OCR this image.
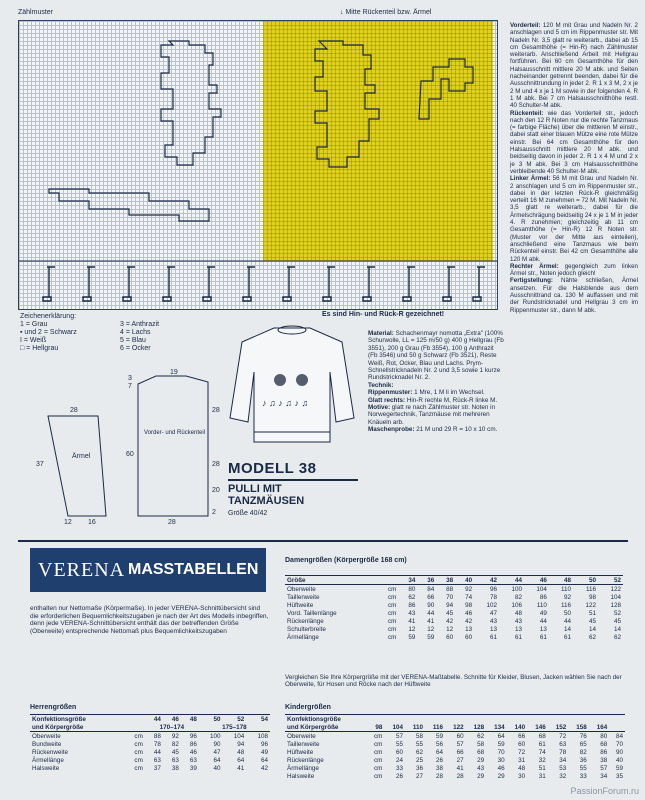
Zählmuster	↓ Mitte Rückenteil bzw. Ärmel
Es sind Hin- und Rück-R gezeichnet!
Zeichenerklärung:
1 = Grau	3 = Anthrazit
▪ und 2 = Schwarz	4 = Lachs
I = Weiß	5 = Blau
□ = Hellgrau	6 = Ocker
Ärmel
Vorder- und Rückenteil
28
37
12 16
3
7
19
28
60
28
20
28
2
♪ ♫ ♪ ♫ ♪ ♫
MODELL 38
PULLI MIT TANZMÄUSEN
Größe 40/42
Material: Schachenmayr nomotta „Extra" (100% Schurwolle, LL = 125 m/50 g) 400 g Hellgrau (Fb 3551), 200 g Grau (Fb 3554), 100 g Anthrazit (Fb 3546) und 50 g Schwarz (Fb 3521), Reste Weiß, Rot, Ocker, Blau und Lachs. Prym-Schnellstricknadeln Nr. 2 und 3,5 sowie 1 kurze Rundstricknadel Nr. 2.
Technik:
Rippenmuster: 1 Mre, 1 M li im Wechsel.
Glatt rechts: Hin-R rechte M, Rück-R linke M.
Motive: glatt re nach Zählmuster str. Noten in Norwegertechnik, Tanzmäuse mit mehreren Knäueln arb.
Maschenprobe: 21 M und 29 R = 10 x 10 cm.
Vorderteil: 120 M mit Grau und Nadeln Nr. 2 anschlagen und 5 cm im Rippenmuster str. Mit Nadeln Nr. 3,5 glatt re weiterarb., dabei ab 15 cm Gesamthöhe (= Hin-R) nach Zählmuster weiterarb. Anschließend Arbeit mit Hellgrau fortführen. Bei 60 cm Gesamthöhe für den Halsausschnitt mittlere 20 M abk. und Seiten nacheinander getrennt beenden, dabei für die Ausschnittrundung in jeder 2. R 1 x 3 M, 2 x je 2 M und 4 x je 1 M sowie in der folgenden 4. R 1 M abk. Bei 7 cm Halsausschnitthöhe restl. 40 Schulter-M abk.
Rückenteil: wie das Vorderteil str., jedoch nach den 12 R Noten nur die rechte Tanzmaus (= farbige Fläche) über die mittleren M einstr., dabei statt einer blauen Mütze eine rote Mütze einstr. Bei 64 cm Gesamthöhe für den Halsausschnitt mittlere 20 M abk. und beidseitig davon in jeder 2. R 1 x 4 M und 2 x je 3 M abk. Bei 3 cm Halsausschnitthöhe verbleibende 40 Schulter-M abk.
Linker Ärmel: 56 M mit Grau und Nadeln Nr. 2 anschlagen und 5 cm im Rippenmuster str., dabei in der letzten Rück-R gleichmäßig verteilt 16 M zunehmen = 72 M. Mit Nadeln Nr. 3,5 glatt re weiterarb., dabei für die Ärmelschrägung beidseitig 24 x je 1 M in jeder 4. R zunehmen; gleichzeitig ab 11 cm Gesamthöhe (= Hin-R) 12 R Noten str. (Muster vor der Mitte aus einteilen), anschließend eine Tanzmaus wie beim Rückenteil einstr. Bei 42 cm Gesamthöhe alle 120 M abk.
Rechter Ärmel: gegengleich zum linken Ärmel str., Noten jedoch gleich!
Fertigstellung: Nähte schließen, Ärmel ansetzen. Für die Halsblende aus dem Ausschnittrand ca. 130 M auffassen und mit der Rundstricknadel und Hellgrau 3 cm im Rippenmuster str., dann M abk.
VERENA MASSTABELLEN
enthalten nur Nettomaße (Körpermaße). In jeder VERENA-Schnittübersicht sind die erforderlichen Bequemlichkeitszugaben je nach der Art des Modells inbegriffen, denn jede VERENA-Schnittübersicht enthält das der betreffenden Größe (Oberweite) entsprechende Nettomaß plus Bequemlichkeitszugaben
Damengrößen (Körpergröße 168 cm)
Größe		34	36	38	40	42	44	46	48	50	52
Oberweite	cm	80	84	88	92	96	100	104	110	116	122
Taillenweite	cm	62	66	70	74	78	82	86	92	98	104
Hüftweite	cm	86	90	94	98	102	106	110	116	122	128
Vord. Taillenlänge	cm	43	44	45	46	47	48	49	50	51	52
Rückenlänge	cm	41	41	42	42	43	43	44	44	45	45
Schulterbreite	cm	12	12	12	13	13	13	13	14	14	14
Ärmellänge	cm	59	59	60	60	61	61	61	61	62	62
Vergleichen Sie Ihre Körpergröße mit der VERENA-Maßtabelle. Schnitte für Kleider, Blusen, Jacken wählen Sie nach der Oberweite, für Hosen und Röcke nach der Hüftweite
Herrengrößen
Konfektionsgröße		44	46	48	50	52	54
und Körpergröße		170–174			175–178		
Oberweite	cm	88	92	96	100	104	108
Bundweite	cm	78	82	86	90	94	96
Rückenweite	cm	44	45	46	47	48	49
Ärmellänge	cm	63	63	63	64	64	64
Halsweite	cm	37	38	39	40	41	42
Kindergrößen
Konfektionsgröße													
und Körpergröße	98	104	110	116	122	128	134	140	146	152	158	164	
Oberweite	cm	57	58	59	60	62	64	66	68	72	76	80	84
Taillenweite	cm	55	55	56	57	58	59	60	61	63	65	68	70
Hüftweite	cm	60	62	64	66	68	70	72	74	78	82	86	90
Rückenlänge	cm	24	25	26	27	29	30	31	32	34	36	38	40
Ärmellänge	cm	33	36	38	41	43	46	48	51	53	55	57	59
Halsweite	cm	26	27	28	28	29	29	30	31	32	33	34	35
PassionForum.ru
